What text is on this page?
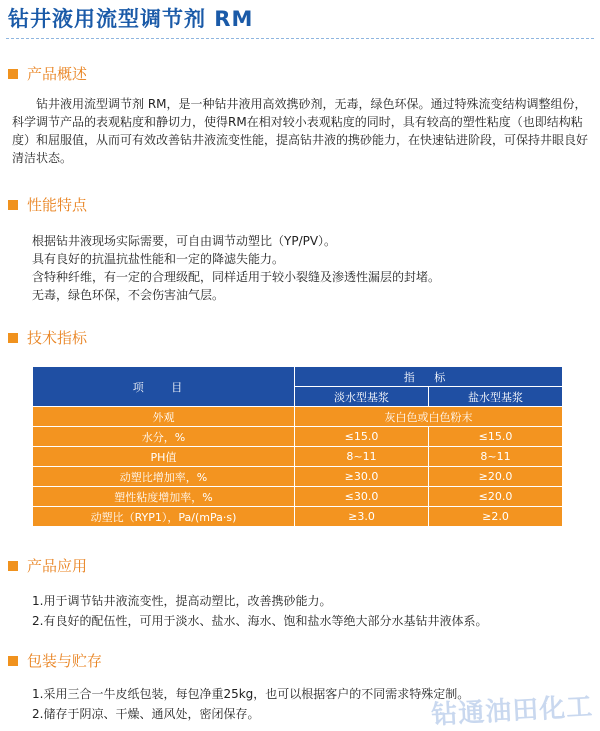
钻井液用流型调节剂 RM
产品概述

钻井液用流型调节剂 RM，是一种钻井液用高效携砂剂，无毒，绿色环保。通过特殊流变结构调整组份，科学调节产品的表观粘度和静切力，使得RM在相对较小表观粘度的同时，具有较高的塑性粘度（也即结构粘度）和屈服值，从而可有效改善钻井液流变性能，提高钻井液的携砂能力，在快速钻进阶段，可保持井眼良好清洁状态。

性能特点
根据钻井液现场实际需要，可自由调节动塑比（YP/PV）。
具有良好的抗温抗盐性能和一定的降滤失能力。
含特种纤维，有一定的合理级配，同样适用于较小裂缝及渗透性漏层的封堵。
无毒，绿色环保，不会伤害油气层。
技术指标
项 目	指 标	
	淡水型基浆	盐水型基浆
外观	灰白色或白色粉末	
水分，%	≤15.0	≤15.0
PH值	8~11	8~11
动塑比增加率，%	≥30.0	≥20.0
塑性粘度增加率，%	≤30.0	≤20.0
动塑比（RYP1），Pa/(mPa·s)	≥3.0	≥2.0
产品应用
1.用于调节钻井液流变性，提高动塑比，改善携砂能力。
2.有良好的配伍性，可用于淡水、盐水、海水、饱和盐水等绝大部分水基钻井液体系。
包装与贮存
1.采用三合一牛皮纸包装，每包净重25kg，也可以根据客户的不同需求特殊定制。
2.储存于阴凉、干燥、通风处，密闭保存。	钻通油田化工
